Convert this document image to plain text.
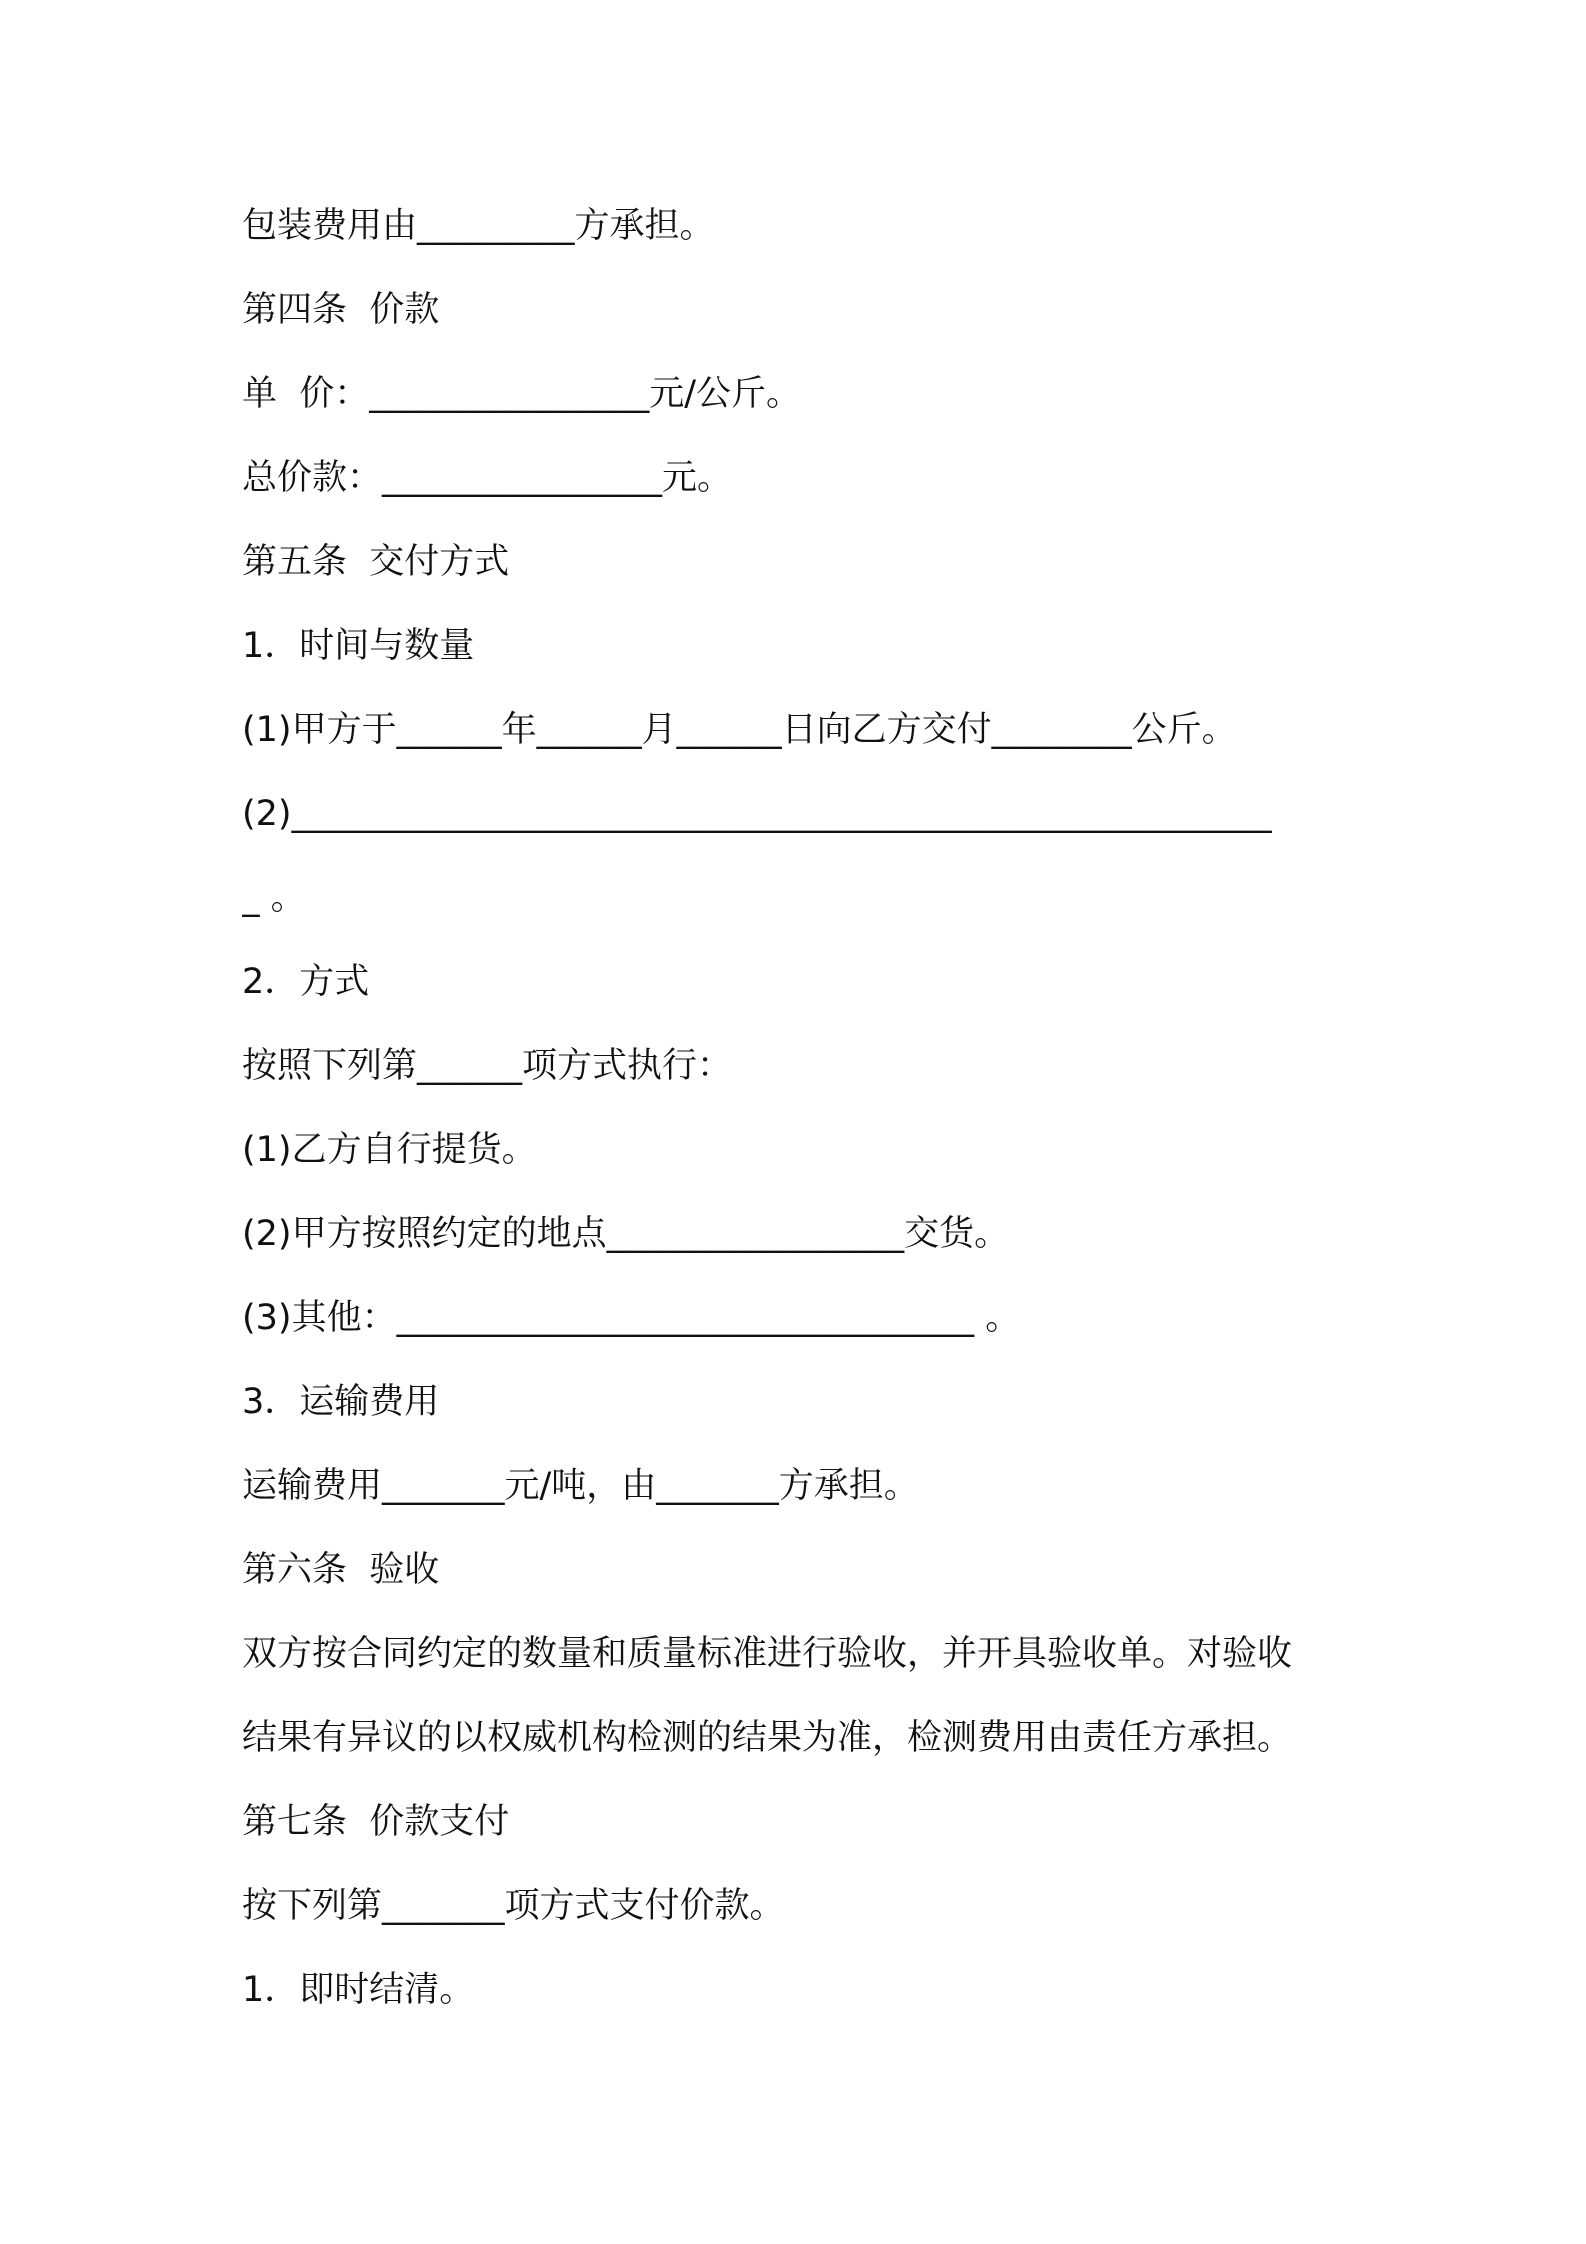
包装费用由_________方承担。
第四条  价款
单  价：________________元/公斤。
总价款：________________元。
第五条  交付方式
1．时间与数量
(1)甲方于______年______月______日向乙方交付________公斤。
(2)________________________________________________________
_ 。
2．方式
按照下列第______项方式执行：
(1)乙方自行提货。
(2)甲方按照约定的地点_________________交货。
(3)其他：_________________________________ 。
3．运输费用
运输费用_______元/吨，由_______方承担。
第六条  验收
双方按合同约定的数量和质量标准进行验收，并开具验收单。对验收
结果有异议的以权威机构检测的结果为准，检测费用由责任方承担。
第七条  价款支付
按下列第_______项方式支付价款。
1．即时结清。
